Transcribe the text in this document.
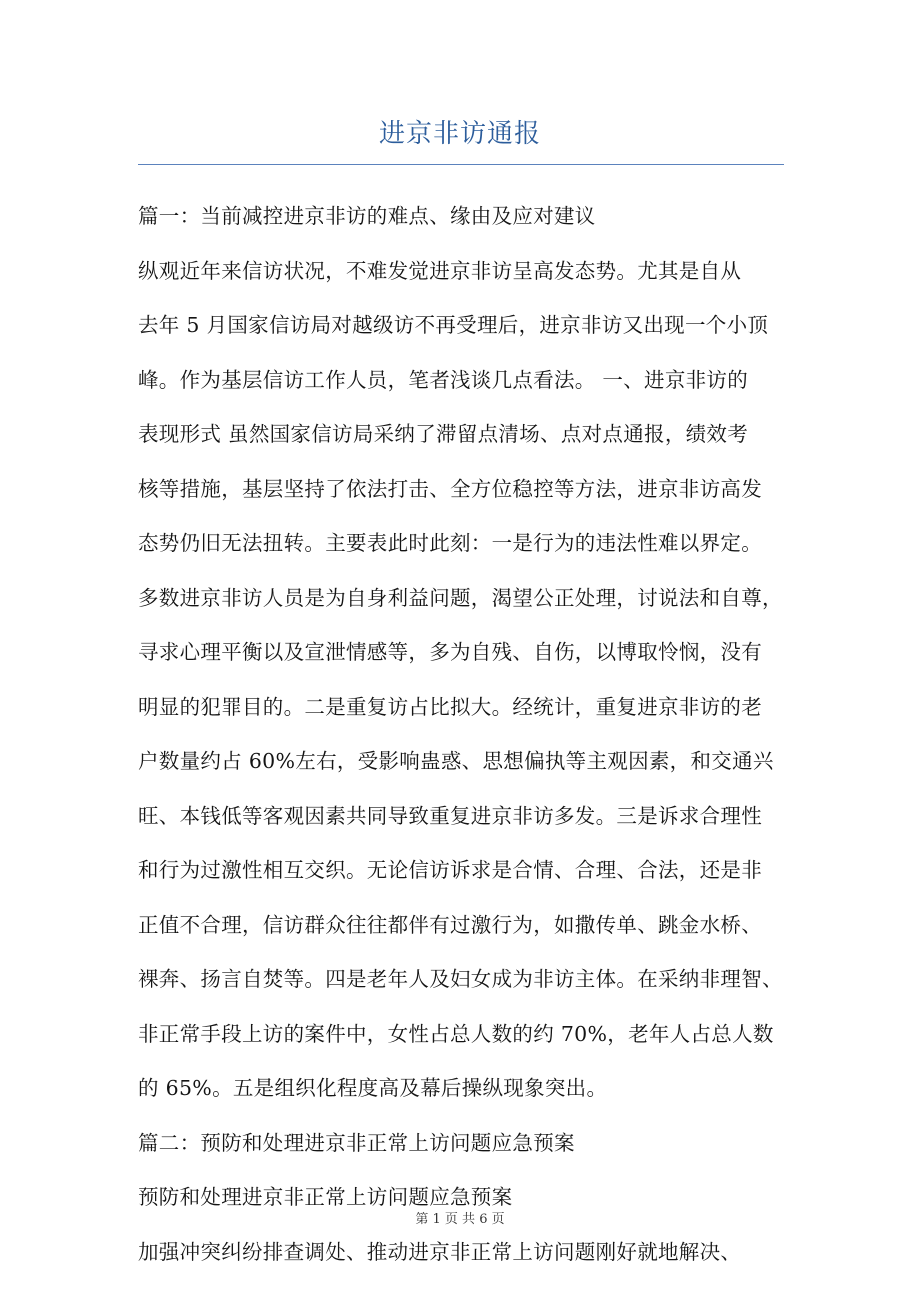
进京非访通报
篇一：当前减控进京非访的难点、缘由及应对建议
纵观近年来信访状况，不难发觉进京非访呈高发态势。尤其是自从
去年 5 月国家信访局对越级访不再受理后，进京非访又出现一个小顶
峰。作为基层信访工作人员，笔者浅谈几点看法。 一、进京非访的
表现形式 虽然国家信访局采纳了滞留点清场、点对点通报，绩效考
核等措施，基层坚持了依法打击、全方位稳控等方法，进京非访高发
态势仍旧无法扭转。主要表此时此刻：一是行为的违法性难以界定。
多数进京非访人员是为自身利益问题，渴望公正处理，讨说法和自尊，
寻求心理平衡以及宣泄情感等，多为自残、自伤，以博取怜悯，没有
明显的犯罪目的。二是重复访占比拟大。经统计，重复进京非访的老
户数量约占 60%左右，受影响蛊惑、思想偏执等主观因素，和交通兴
旺、本钱低等客观因素共同导致重复进京非访多发。三是诉求合理性
和行为过激性相互交织。无论信访诉求是合情、合理、合法，还是非
正值不合理，信访群众往往都伴有过激行为，如撒传单、跳金水桥、
裸奔、扬言自焚等。四是老年人及妇女成为非访主体。在采纳非理智、
非正常手段上访的案件中，女性占总人数的约 70%，老年人占总人数
的 65%。五是组织化程度高及幕后操纵现象突出。
篇二：预防和处理进京非正常上访问题应急预案
预防和处理进京非正常上访问题应急预案
加强冲突纠纷排查调处、推动进京非正常上访问题刚好就地解决、
第 1 页 共 6 页
